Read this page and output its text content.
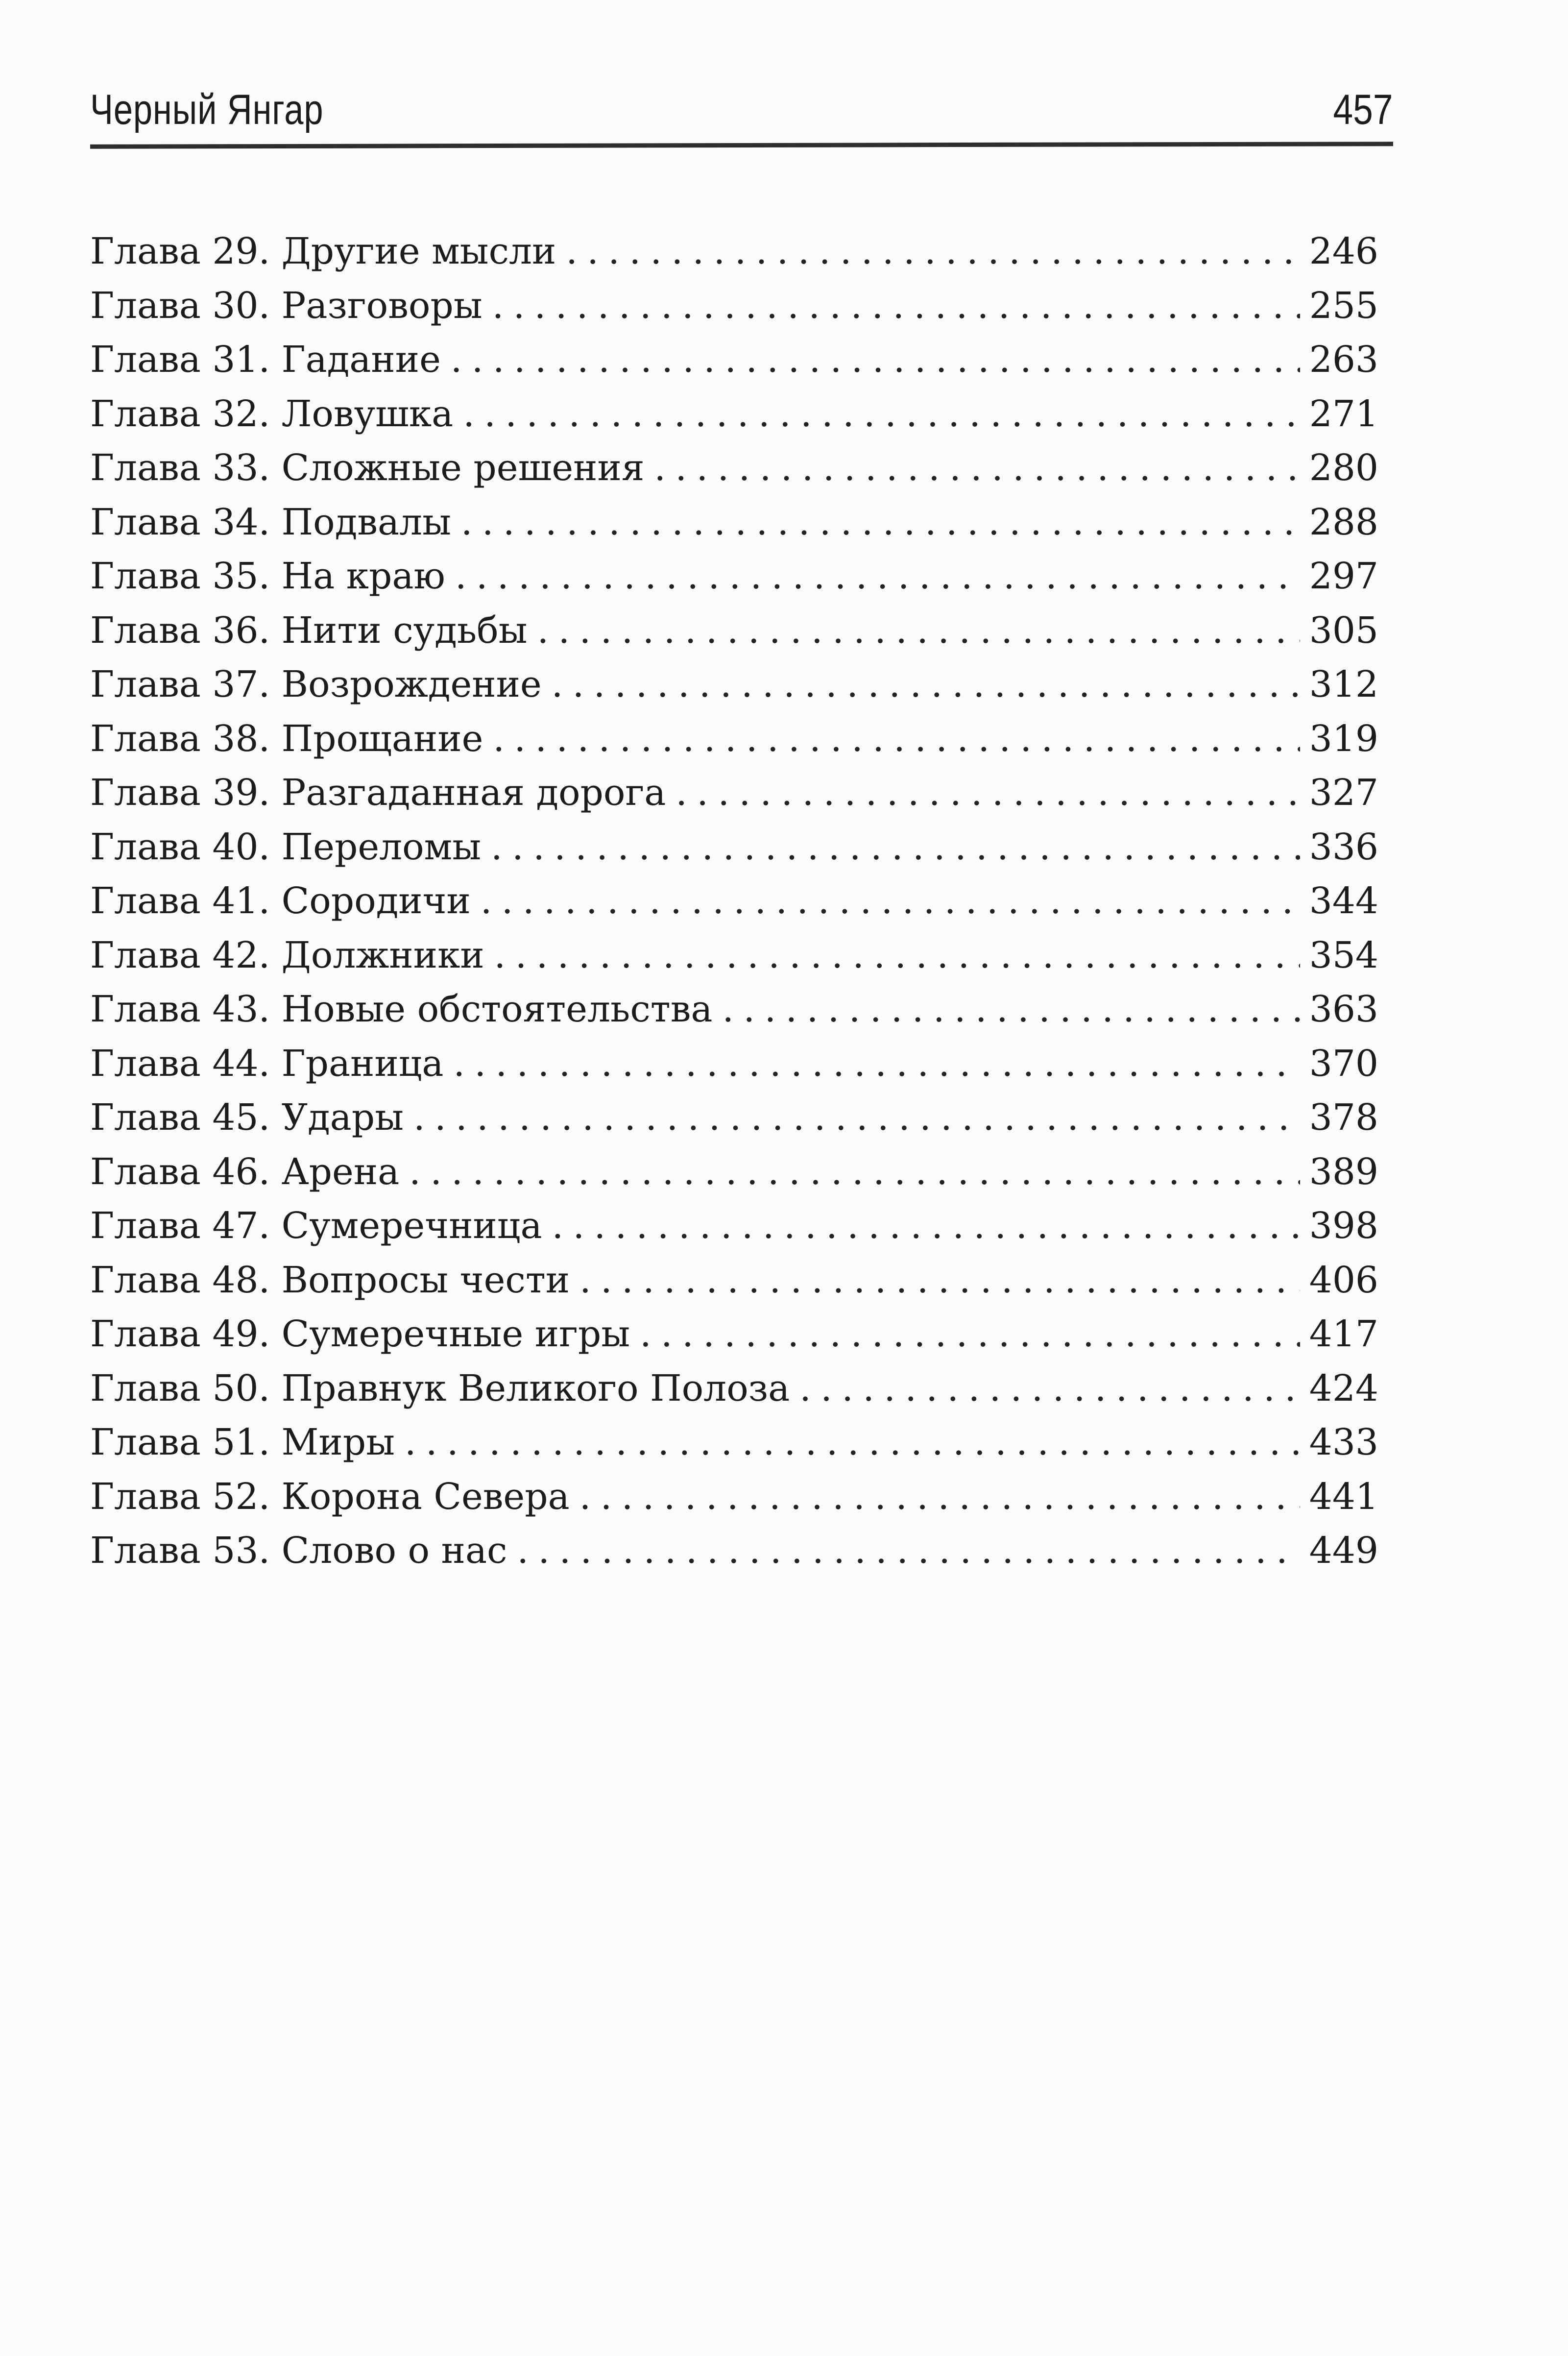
Черный Янгар	457
Глава 29. Другие мысли . . .	246
Глава 30. Разговоры . . .	255
Глава 31. Гадание . . .	263
Глава 32. Ловушка . . .	271
Глава 33. Сложные решения . . .	280
Глава 34. Подвалы . . .	288
Глава 35. На краю . . .	297
Глава 36. Нити судьбы . . .	305
Глава 37. Возрождение . . .	312
Глава 38. Прощание . . .	319
Глава 39. Разгаданная дорога . . .	327
Глава 40. Переломы . . .	336
Глава 41. Сородичи . . .	344
Глава 42. Должники . . .	354
Глава 43. Новые обстоятельства . . .	363
Глава 44. Граница . . .	370
Глава 45. Удары . . .	378
Глава 46. Арена . . .	389
Глава 47. Сумеречница . . .	398
Глава 48. Вопросы чести . . .	406
Глава 49. Сумеречные игры . . .	417
Глава 50. Правнук Великого Полоза . . .	424
Глава 51. Миры . . .	433
Глава 52. Корона Севера . . .	441
Глава 53. Слово о нас . . .	449
